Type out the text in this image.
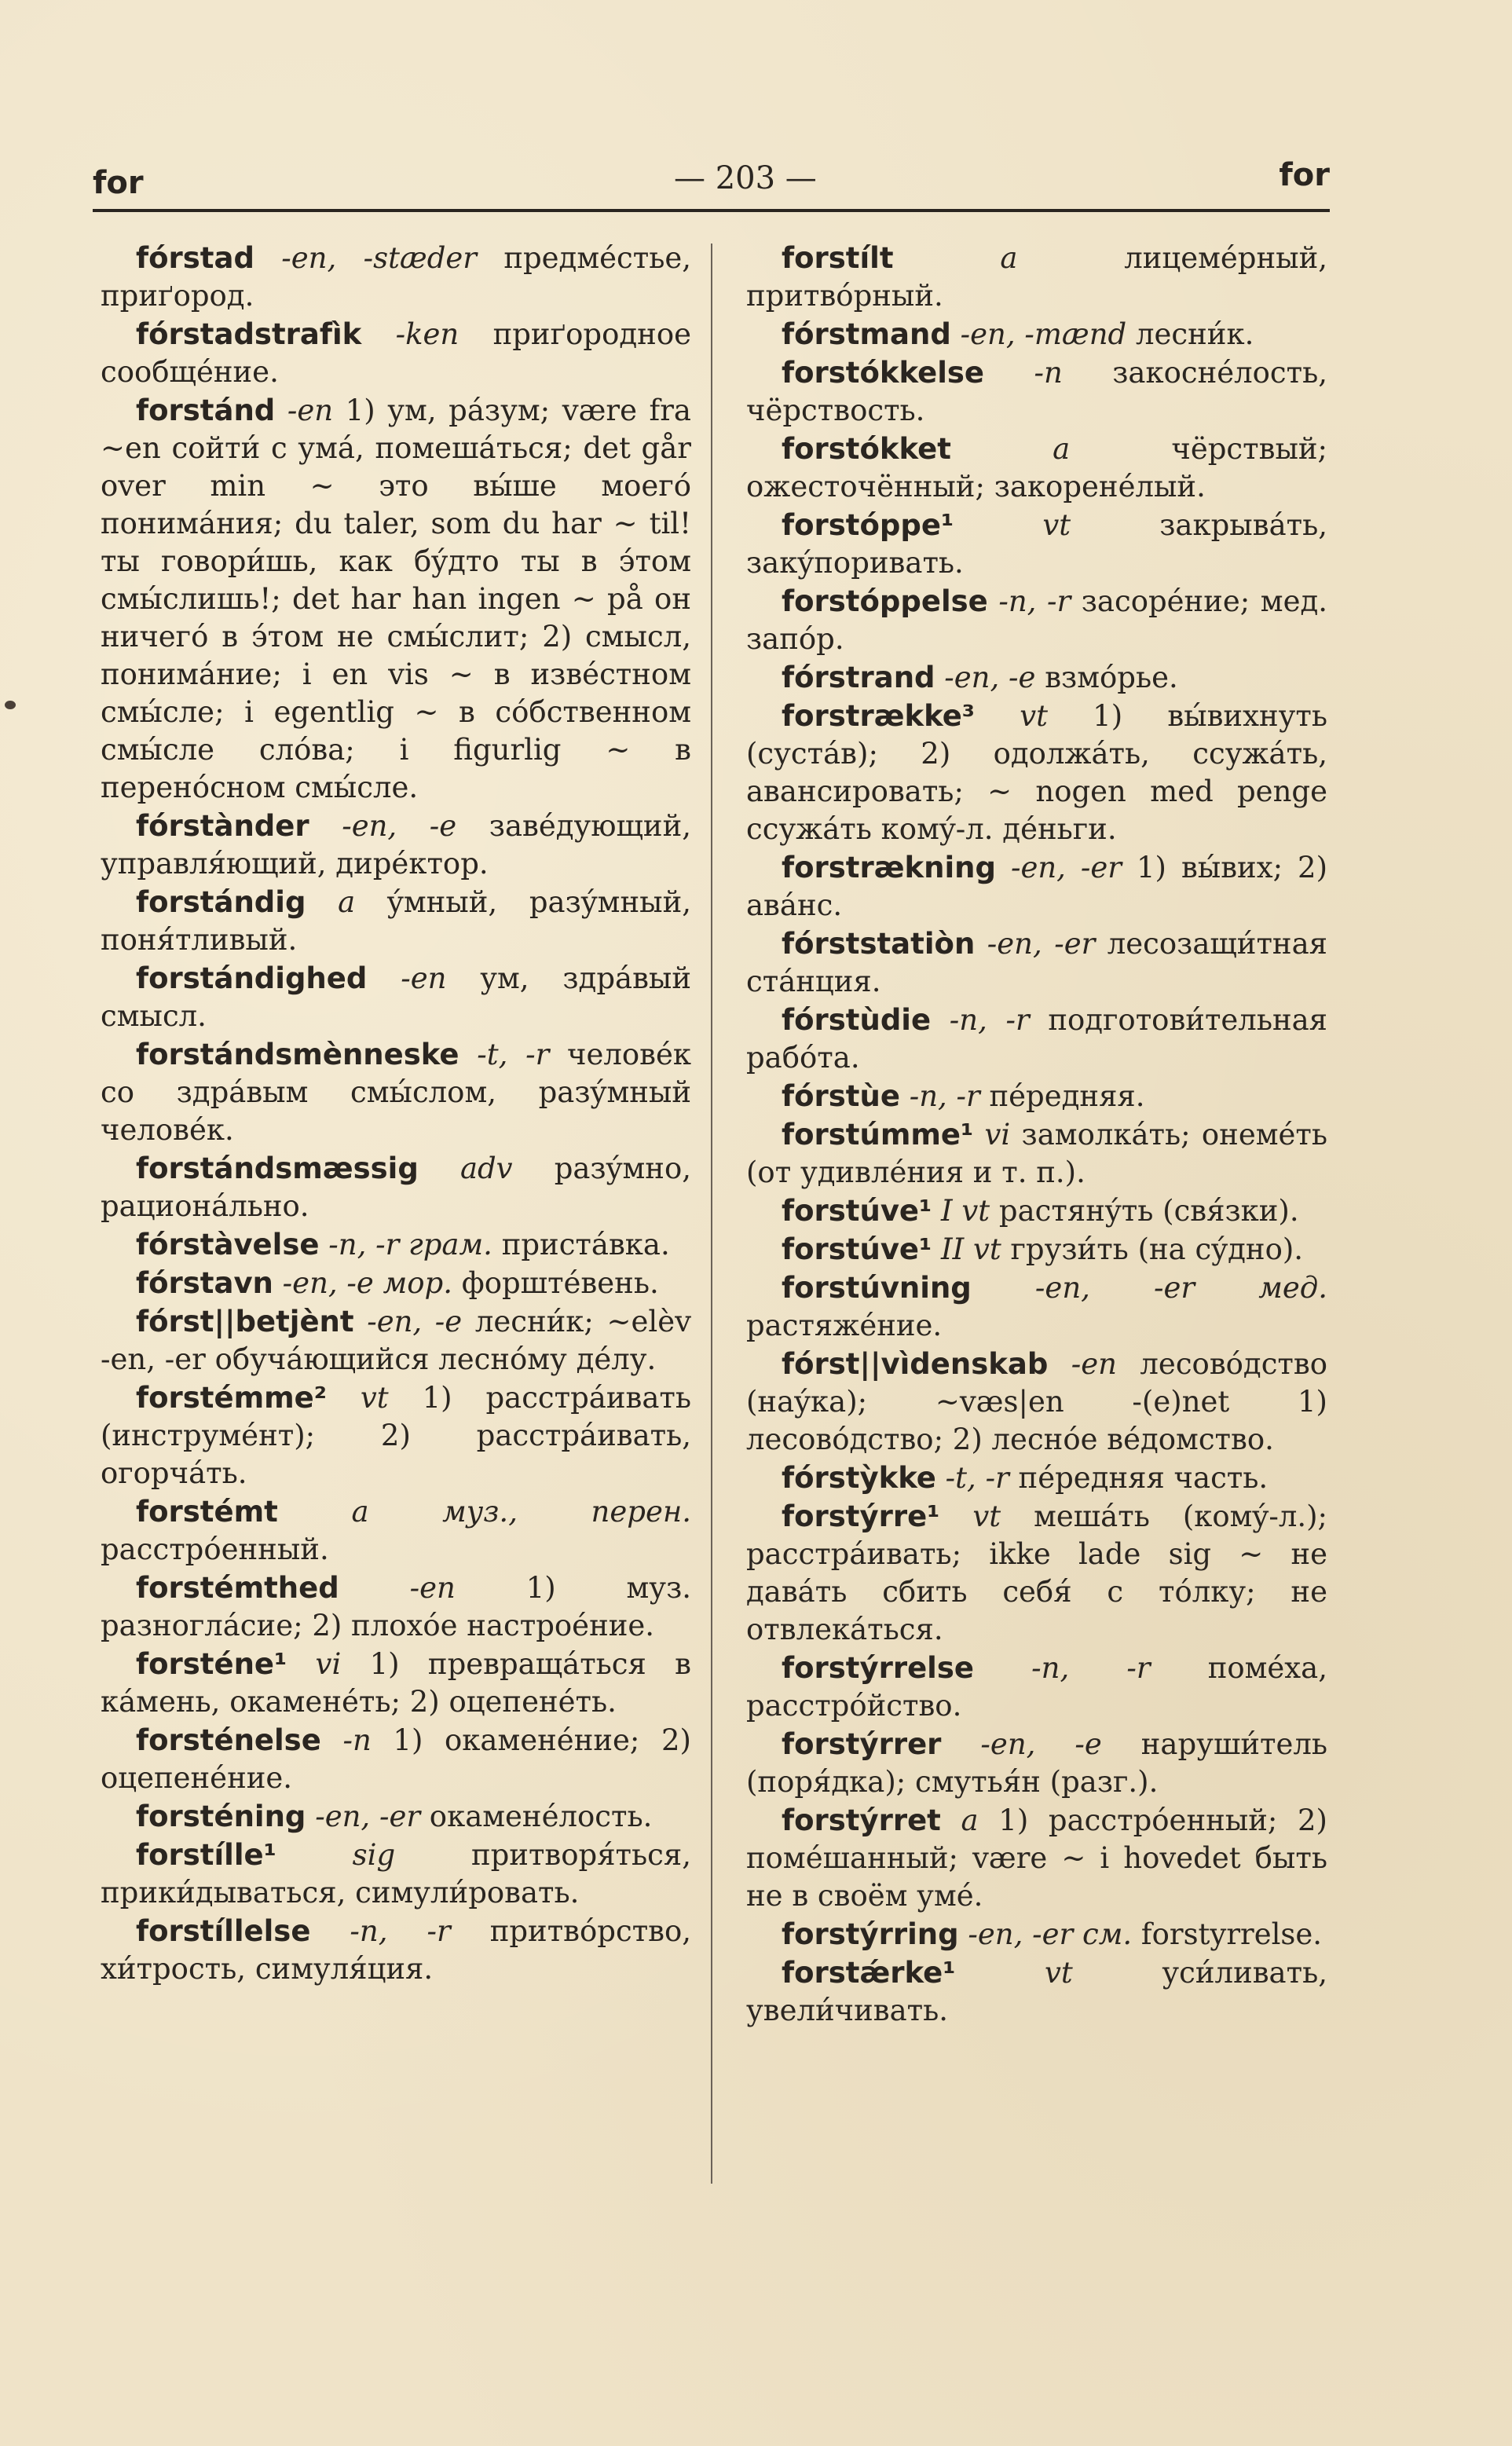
for	— 203 —	for

fórstad -en, -stæder предмéстье, приґород.

fórstadstrafìk -ken приґородное сообщéние.

forstánd -en 1) ум, рáзум; være fra ~en сойти́ с умá, помешáться; det går over min ~ это вы́ше моегó понимáния; du taler, som du har ~ til! ты говори́шь, как бýдто ты в э́том смы́слишь!; det har han ingen ~ på он ничегó в э́том не смы́слит; 2) смысл, понимáние; i en vis ~ в извéстном смы́сле; i egentlig ~ в сóбственном смы́сле слóва; i figurlig ~ в перенóсном смы́сле.

fórstànder -en, -e завéдующий, управля́ющий, дирéктор.

forstándig a ýмный, разýмный, поня́тливый.

forstándighed -en ум, здрáвый смысл.

forstándsmènneske -t, -r человéк со здрáвым смы́слом, разýмный человéк.

forstándsmæssig adv разýмно, рационáльно.

fórstàvelse -n, -r грам. пристáвка.

fórstavn -en, -e мор. форштéвень.

fórst||betjènt -en, -e лесни́к; ~elèv -en, -er обучáющийся леснóму дéлу.

forstémme² vt 1) расстрáивать (инструмéнт); 2) расстрáивать, огорчáть.

forstémt	a муз., перен. расстрóенный.

forstémthed -en 1) муз. разноглáсие; 2) плохóе настроéние.

forsténe¹ vi 1) превращáться в кáмень, окаменéть; 2) оцепенéть.

forsténelse -n 1) окаменéние; 2) оцепенéние.

forsténing -en, -er окаменéлость.

forstílle¹	sig	притворя́ться, прики́дываться, симули́ровать.

forstíllelse -n, -r притвóрство, хи́трость, симуля́ция.

forstílt	a	лицемéрный, притвóрный.

fórstmand -en, -mænd лесни́к.

forstókkelse -n закоснéлость, чёрствость.

forstókket	a	чёрствый; ожесточённый; закоренéлый.

forstóppe¹	vt	закрывáть, закýпоривать.

forstóppelse -n, -r засорéние; мед. запóр.

fórstrand -en, -e взмóрье.

forstrække³ vt 1) вы́вихнуть (сустáв); 2) одолжáть, ссужáть, авансировать; ~ nogen med penge ссужáть комý-л. дéньги.

forstrækning -en, -er 1) вы́вих; 2) авáнс.

fórststatiòn -en, -er лесозащи́тная стáнция.

fórstùdie -n, -r подготови́тельная рабóта.

fórstùe -n, -r пéредняя.

forstúmme¹ vi замолкáть; онемéть (от удивлéния и т. п.).

forstúve¹ I vt растянýть (свя́зки).

forstúve¹ II vt грузи́ть (на сýдно).

forstúvning -en, -er мед. растяжéние.

fórst||vìdenskab -en лесовóдство (наýка); ~væs|en -(e)net 1) лесовóдство; 2) леснóе вéдомство.

fórstỳkke -t, -r пéредняя часть.

forstýrre¹ vt мешáть (комý-л.); расстрáивать; ikke lade sig ~ не давáть сбить себя́ с тóлку; не отвлекáться.

forstýrrelse -n, -r помéха, расстрóйство.

forstýrrer -en, -e наруши́тель (поря́дка); смутья́н (разг.).

forstýrret a 1) расстрóенный; 2) помéшанный; være ~ i hovedet быть не в своём умé.

forstýrring -en, -er см. forstyrrelse.

forstǽrke¹	vt	уси́ливать, увели́чивать.
